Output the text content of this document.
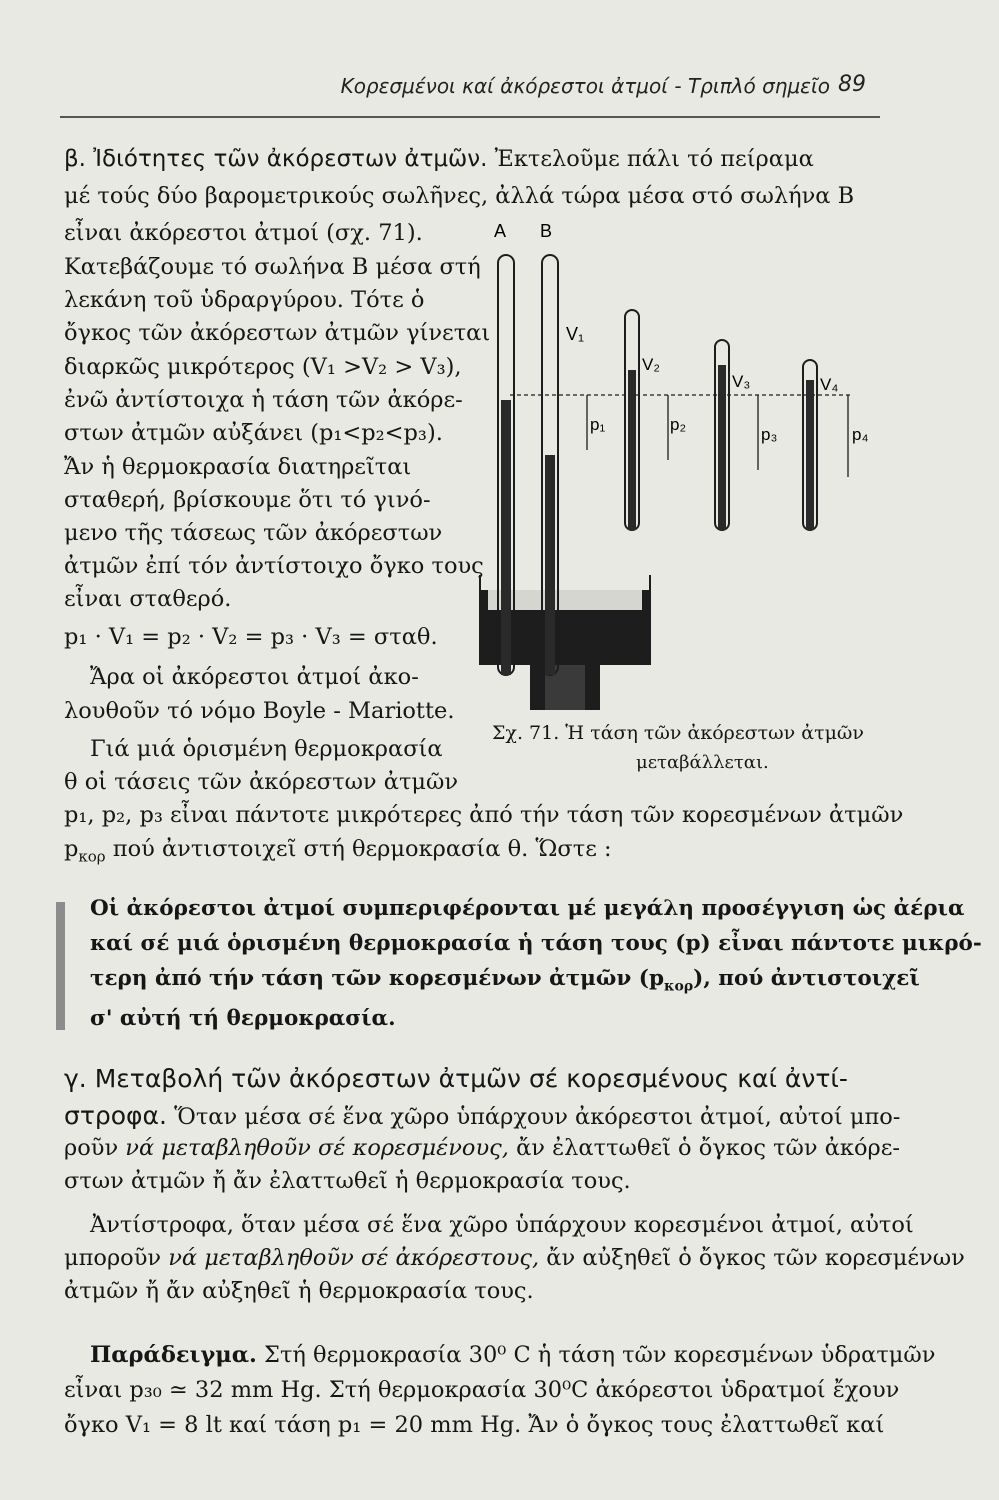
Κορεσμένοι καί ἀκόρεστοι ἀτμοί - Τριπλό σημεῖο 89
β. Ἰδιότητες τῶν ἀκόρεστων ἀτμῶν. Ἐκτελοῦμε πάλι τό πείραμα
μέ τούς δύο βαρομετρικούς σωλῆνες, ἀλλά τώρα μέσα στό σωλήνα Β
εἶναι ἀκόρεστοι ἀτμοί (σχ. 71).
Κατεβάζουμε τό σωλήνα Β μέσα στή
λεκάνη τοῦ ὑδραργύρου. Τότε ὁ
ὄγκος τῶν ἀκόρεστων ἀτμῶν γίνεται
διαρκῶς μικρότερος (V₁ >V₂ > V₃),
ἐνῶ ἀντίστοιχα ἡ τάση τῶν ἀκόρε-
στων ἀτμῶν αὐξάνει (p₁<p₂<p₃).
Ἄν ἡ θερμοκρασία διατηρεῖται
σταθερή, βρίσκουμε ὅτι τό γινό-
μενο τῆς τάσεως τῶν ἀκόρεστων
ἀτμῶν ἐπί τόν ἀντίστοιχο ὄγκο τους
εἶναι σταθερό.
p₁ · V₁ = p₂ · V₂ = p₃ · V₃ = σταθ.
Ἄρα οἱ ἀκόρεστοι ἀτμοί ἀκο-
λουθοῦν τό νόμο Boyle - Mariotte.
Γιά μιά ὁρισμένη θερμοκρασία
θ οἱ τάσεις τῶν ἀκόρεστων ἀτμῶν
p₁, p₂, p₃ εἶναι πάντοτε μικρότερες ἀπό τήν τάση τῶν κορεσμένων ἀτμῶν
$p_{\kappa o\rho}$ πού ἀντιστοιχεῖ στή θερμοκρασία θ. Ὥστε :
Οἱ ἀκόρεστοι ἀτμοί συμπεριφέρονται μέ μεγάλη προσέγγιση ὡς ἀέρια
καί σέ μιά ὁρισμένη θερμοκρασία ἡ τάση τους (p) εἶναι πάντοτε μικρό-
τερη ἀπό τήν τάση τῶν κορεσμένων ἀτμῶν $(p_{\kappa o\rho})$, πού ἀντιστοιχεῖ
σ' αὐτή τή θερμοκρασία.
γ. Μεταβολή τῶν ἀκόρεστων ἀτμῶν σέ κορεσμένους καί ἀντί-
στροφα. Ὅταν μέσα σέ ἕνα χῶρο ὑπάρχουν ἀκόρεστοι ἀτμοί, αὐτοί μπο-
ροῦν νά μεταβληθοῦν σέ κορεσμένους, ἄν ἐλαττωθεῖ ὁ ὄγκος τῶν ἀκόρε-
στων ἀτμῶν ἤ ἄν ἐλαττωθεῖ ἡ θερμοκρασία τους.
Ἀντίστροφα, ὅταν μέσα σέ ἕνα χῶρο ὑπάρχουν κορεσμένοι ἀτμοί, αὐτοί
μποροῦν νά μεταβληθοῦν σέ ἀκόρεστους, ἄν αὐξηθεῖ ὁ ὄγκος τῶν κορεσμένων
ἀτμῶν ἤ ἄν αὐξηθεῖ ἡ θερμοκρασία τους.
Παράδειγμα. Στή θερμοκρασία 30⁰ C ἡ τάση τῶν κορεσμένων ὑδρατμῶν
εἶναι p₃₀ ≃ 32 mm Hg. Στή θερμοκρασία 30⁰C ἀκόρεστοι ὑδρατμοί ἔχουν
ὄγκο V₁ = 8 lt καί τάση p₁ = 20 mm Hg. Ἄν ὁ ὄγκος τους ἐλαττωθεῖ καί
A B
V₁
V₂
p₁
V₃
p₂
V₄
p₃	p₄
Σχ. 71. Ἡ τάση τῶν ἀκόρεστων ἀτμῶν
μεταβάλλεται.
